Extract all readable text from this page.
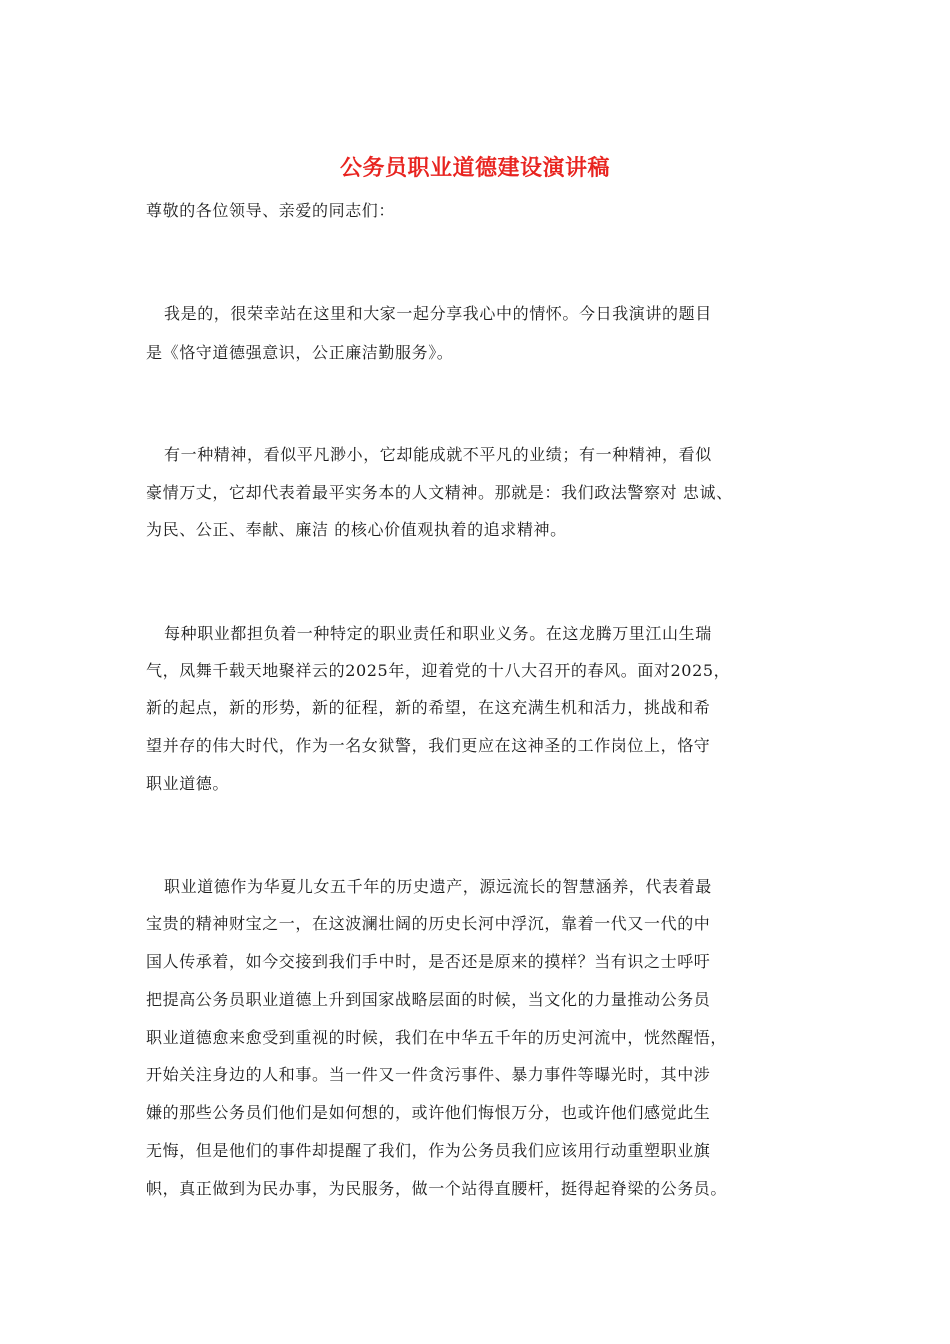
公务员职业道德建设演讲稿
尊敬的各位领导、亲爱的同志们：
我是的，很荣幸站在这里和大家一起分享我心中的情怀。今日我演讲的题目
是《恪守道德强意识，公正廉洁勤服务》。
有一种精神，看似平凡渺小，它却能成就不平凡的业绩；有一种精神，看似
豪情万丈，它却代表着最平实务本的人文精神。那就是：我们政法警察对 忠诚、
为民、公正、奉献、廉洁 的核心价值观执着的追求精神。
每种职业都担负着一种特定的职业责任和职业义务。在这龙腾万里江山生瑞
气，凤舞千载天地聚祥云的2025年，迎着党的十八大召开的春风。面对2025，
新的起点，新的形势，新的征程，新的希望，在这充满生机和活力，挑战和希
望并存的伟大时代，作为一名女狱警，我们更应在这神圣的工作岗位上，恪守
职业道德。
职业道德作为华夏儿女五千年的历史遗产，源远流长的智慧涵养，代表着最
宝贵的精神财宝之一，在这波澜壮阔的历史长河中浮沉，靠着一代又一代的中
国人传承着，如今交接到我们手中时，是否还是原来的摸样？当有识之士呼吁
把提高公务员职业道德上升到国家战略层面的时候，当文化的力量推动公务员
职业道德愈来愈受到重视的时候，我们在中华五千年的历史河流中，恍然醒悟，
开始关注身边的人和事。当一件又一件贪污事件、暴力事件等曝光时，其中涉
嫌的那些公务员们他们是如何想的，或许他们悔恨万分，也或许他们感觉此生
无悔，但是他们的事件却提醒了我们，作为公务员我们应该用行动重塑职业旗
帜，真正做到为民办事，为民服务，做一个站得直腰杆，挺得起脊梁的公务员。
